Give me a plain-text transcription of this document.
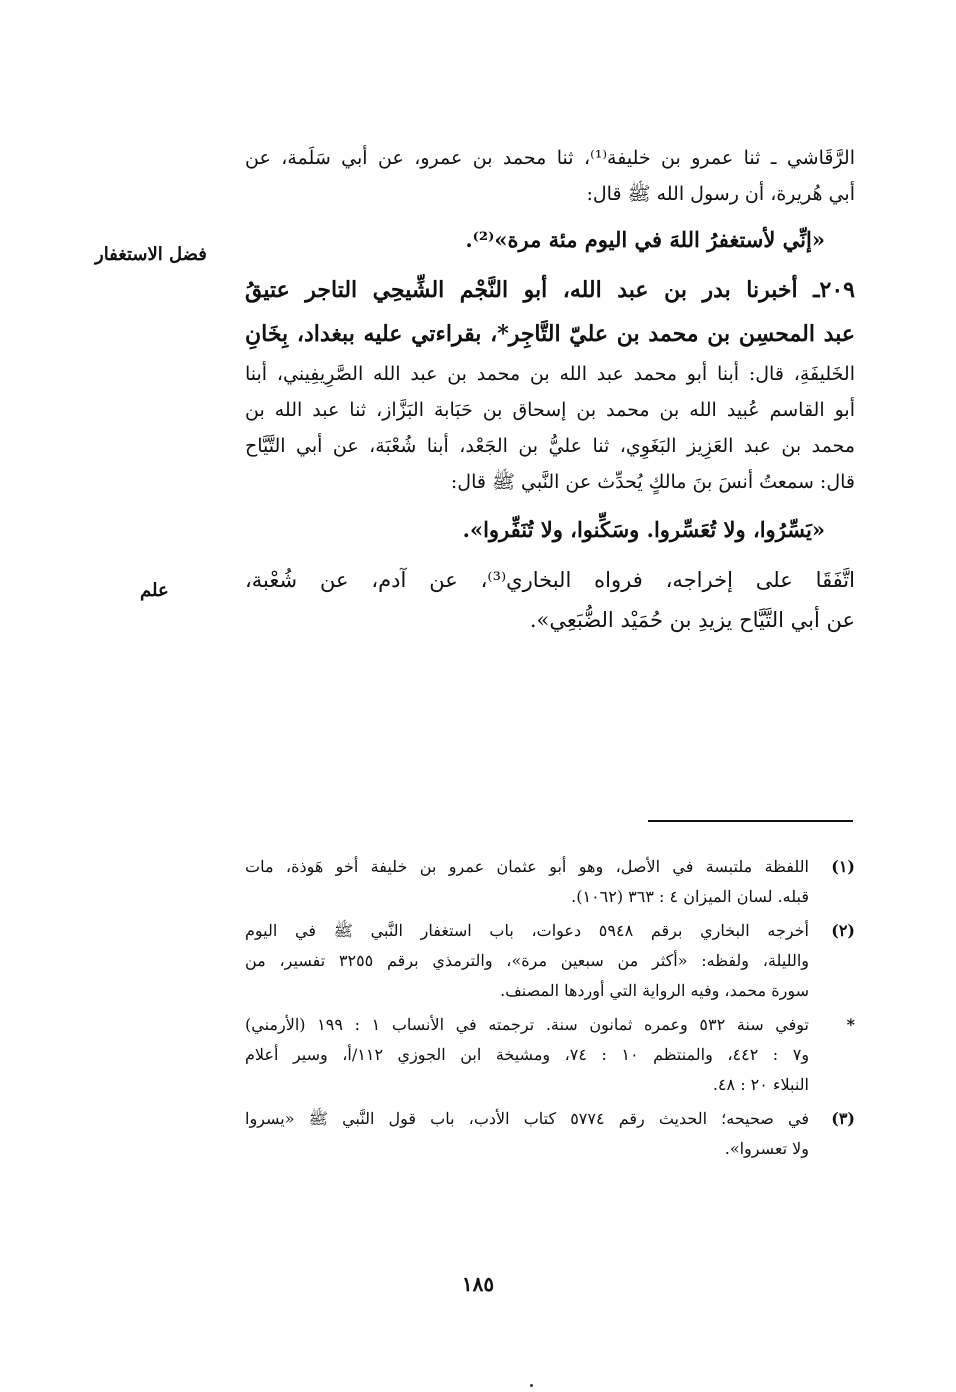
الرَّقَاشي ـ ثنا عمرو بن خليفة⁽¹⁾، ثنا محمد بن عمرو، عن أبي سَلَمة، عن
أبي هُريرة، أن رسول الله ﷺ قال:
«إنِّي لأستغفرُ اللهَ في اليوم مئة مرة»⁽²⁾.
٢٠٩ـ أخبرنا بدر بن عبد الله، أبو النَّجْم الشِّيحِي التاجر عتيقُ
عبد المحسِن بن محمد بن عليّ التَّاجِر*، بقراءتي عليه ببغداد، بِخَانِ
الخَليفَةِ، قال: أبنا أبو محمد عبد الله بن محمد بن عبد الله الصَّرِيفِيني، أبنا
أبو القاسم عُبيد الله بن محمد بن إسحاق بن حَبَابة البَزَّاز، ثنا عبد الله بن
محمد بن عبد العَزِيز البَغَوِي، ثنا عليُّ بن الجَعْد، أبنا شُعْبَة، عن أبي التَّيَّاح
قال: سمعتُ أنسَ بنَ مالكٍ يُحدِّث عن النَّبي ﷺ قال:
«يَسِّرُوا، ولا تُعَسِّروا. وسَكِّنوا، ولا تُنَفِّروا».
اتَّفَقَا على إخراجه، فرواه البخاري⁽³⁾، عن آدم، عن شُعْبة،
عن أبي التَّيَّاح يزيدِ بن حُمَيْد الضُّبَعِي».
فضل الاستغفار
علم
(١)
اللفظة ملتبسة في الأصل، وهو أبو عثمان عمرو بن خليفة أخو هَوذة، مات
قبله. لسان الميزان ٤ : ٣٦٣ (١٠٦٢).
(٢)
أخرجه البخاري برقم ٥٩٤٨ دعوات، باب استغفار النَّبي ﷺ في اليوم
والليلة، ولفظه: «أكثر من سبعين مرة»، والترمذي برقم ٣٢٥٥ تفسير، من
سورة محمد، وفيه الرواية التي أوردها المصنف.
*
توفي سنة ٥٣٢ وعمره ثمانون سنة. ترجمته في الأنساب ١ : ١٩٩ (الأرمني)
و٧ : ٤٤٢، والمنتظم ١٠ : ٧٤، ومشيخة ابن الجوزي ١١٢/أ، وسير أعلام
النبلاء ٢٠ : ٤٨.
(٣)
في صحيحه؛ الحديث رقم ٥٧٧٤ كتاب الأدب، باب قول النَّبي ﷺ «يسروا
ولا تعسروا».
١٨٥
